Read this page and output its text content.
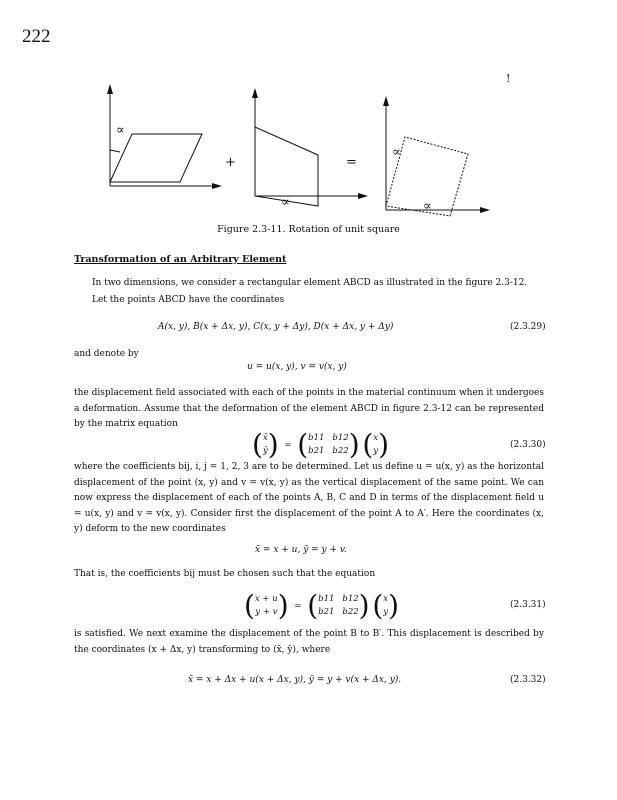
222
!
∝
+
∝
=
∝
∝
Figure 2.3-11. Rotation of unit square
Transformation of an Arbitrary Element

In two dimensions, we consider a rectangular element ABCD as illustrated in the figure 2.3-12.

Let the points ABCD have the coordinates

A(x, y), B(x + Δx, y), C(x, y + Δy), D(x + Δx, y + Δy)	(2.3.29)

and denote by

u = u(x, y), v = v(x, y)

the displacement field associated with each of the points in the material continuum when it undergoes a deformation. Assume that the deformation of the element ABCD in figure 2.3-12 can be represented by the matrix equation

(x̄
ȳ) = ( b11 b12
b21 b22 ) (x
y)	(2.3.30)

where the coefficients bij, i, j = 1, 2, 3 are to be determined. Let us define u = u(x, y) as the horizontal displacement of the point (x, y) and v = v(x, y) as the vertical displacement of the same point. We can now express the displacement of each of the points A, B, C and D in terms of the displacement field u = u(x, y) and v = v(x, y). Consider first the displacement of the point A to A′. Here the coordinates (x, y) deform to the new coordinates

x̄ = x + u, ȳ = y + v.

That is, the coefficients bij must be chosen such that the equation

(x + u
y + v) = ( b11 b12
b21 b22 ) (x
y)	(2.3.31)

is satisfied. We next examine the displacement of the point B to B′. This displacement is described by the coordinates (x + Δx, y) transforming to (x̄, ȳ), where

x̄ = x + Δx + u(x + Δx, y), ȳ = y + v(x + Δx, y).	(2.3.32)
